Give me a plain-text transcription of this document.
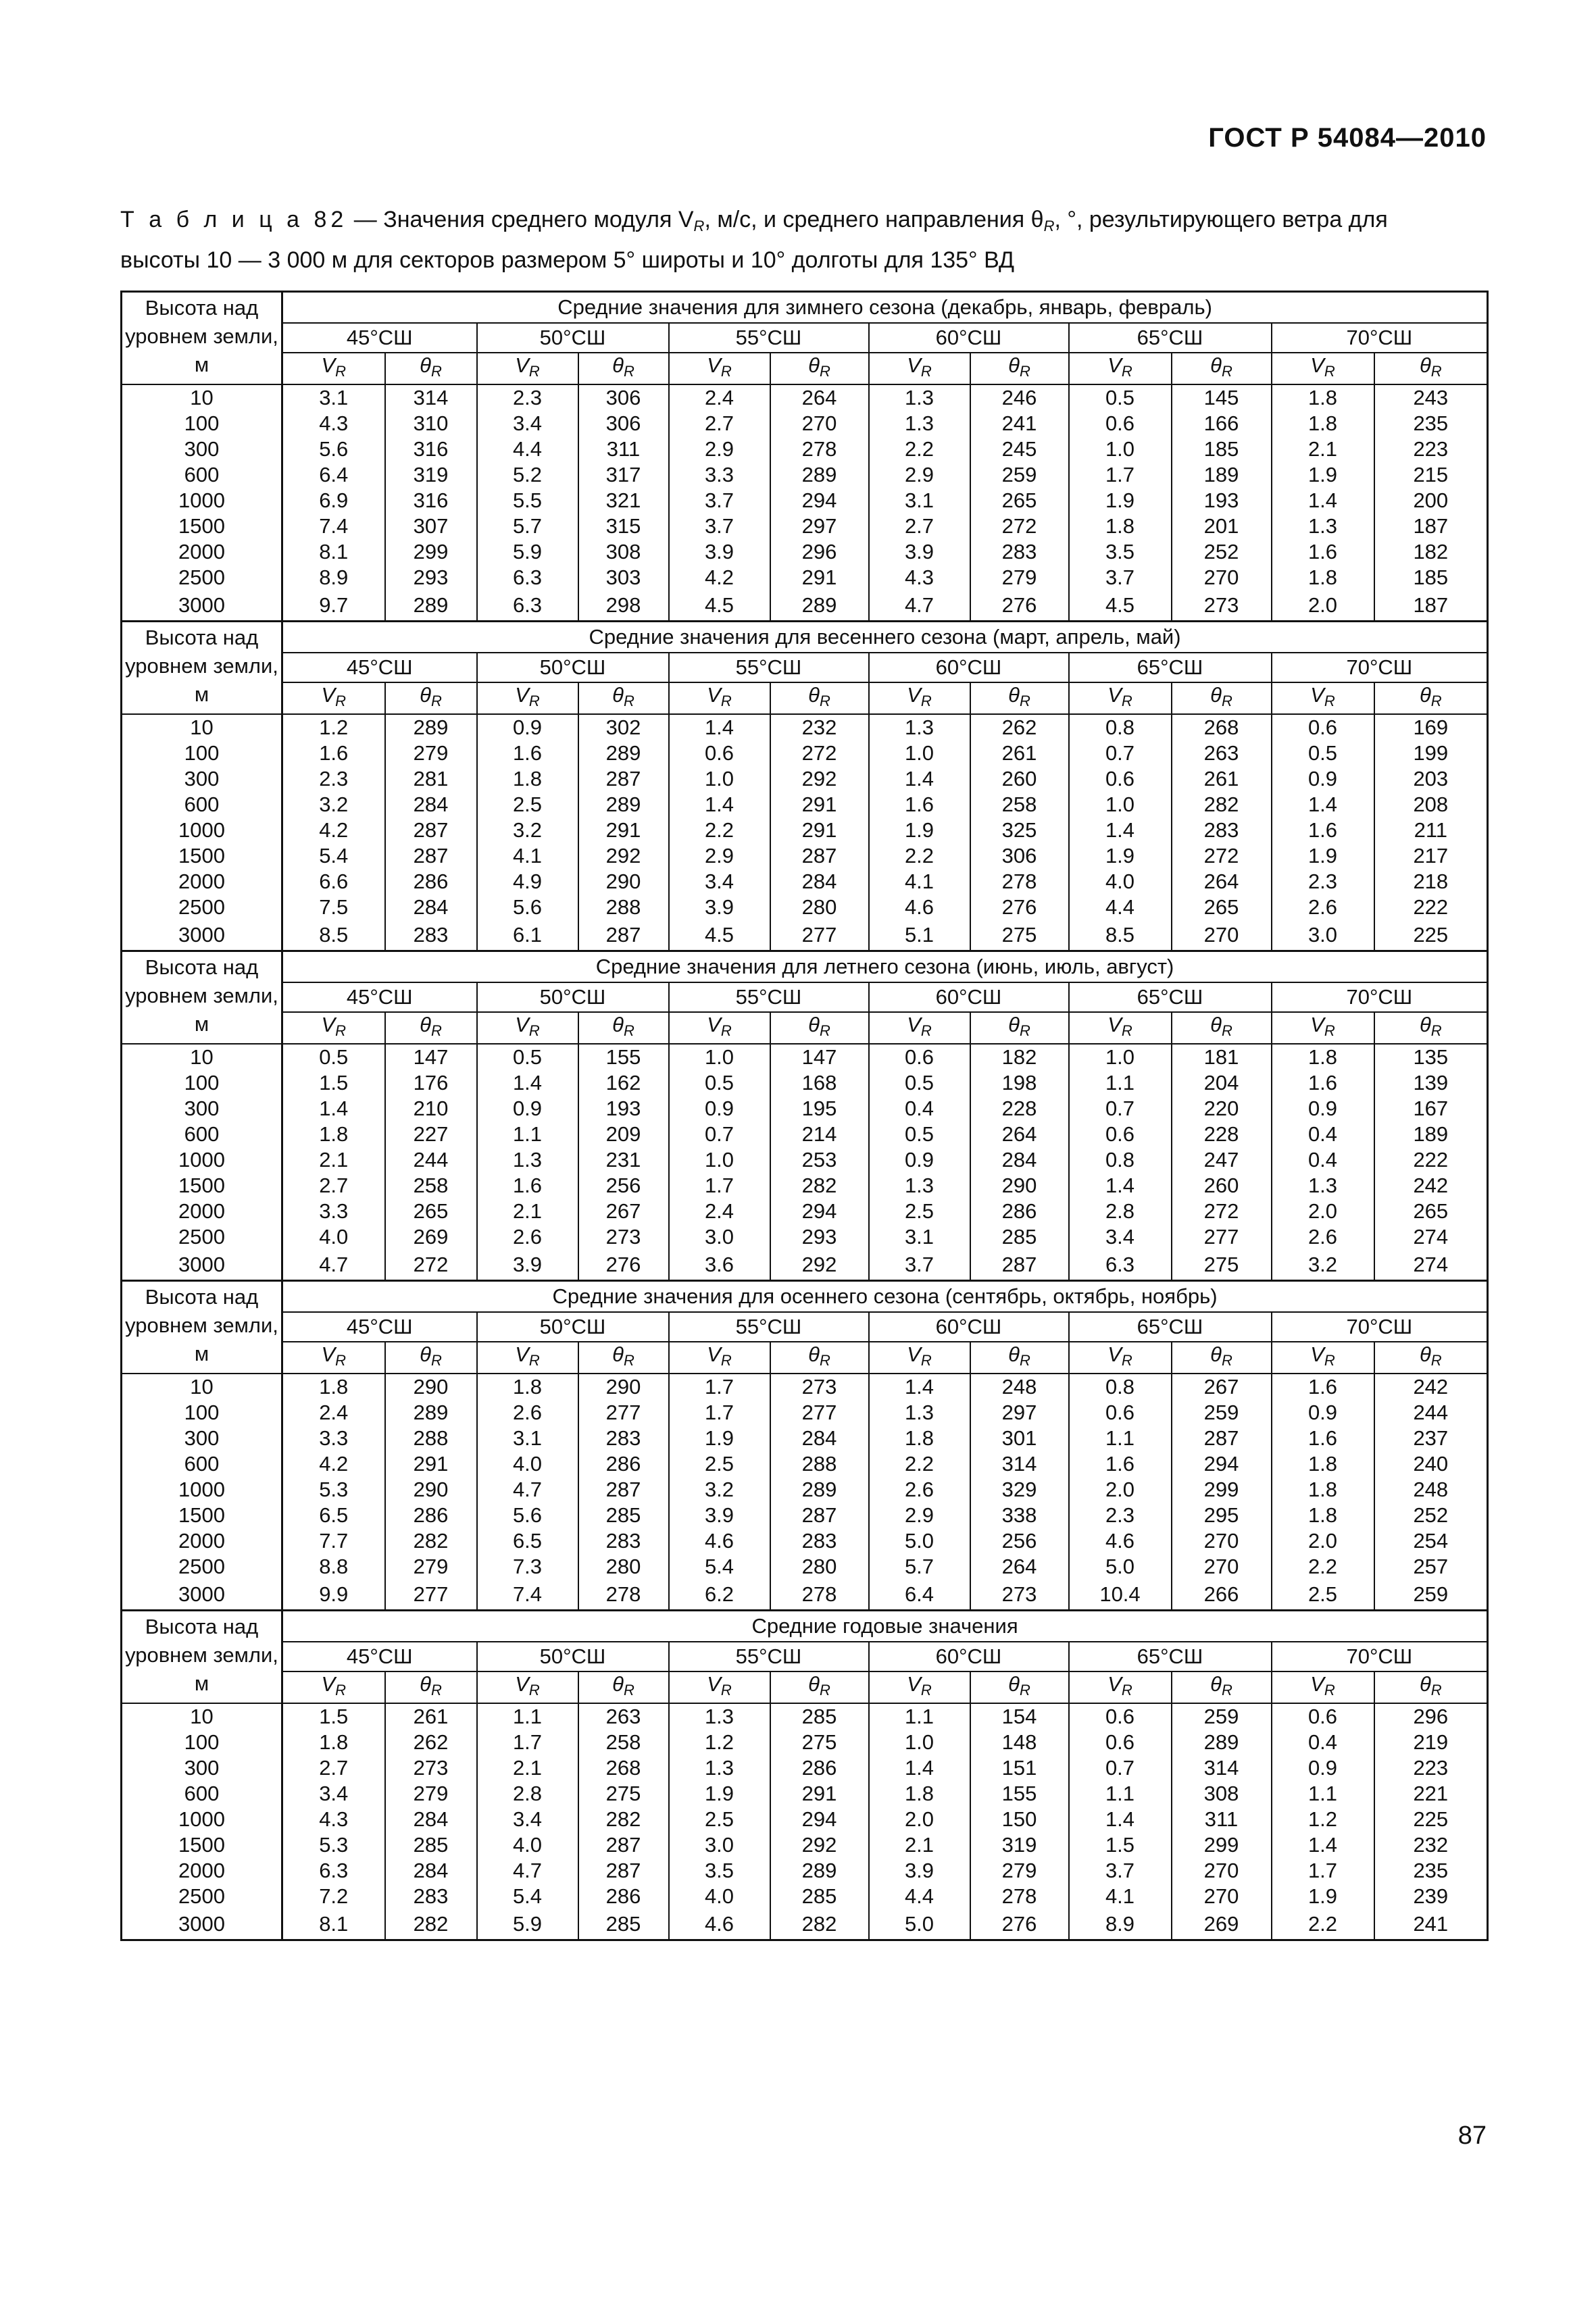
ГОСТ Р 54084—2010
Т а б л и ц а 82 — Значения среднего модуля $V_R$, м/с, и среднего направления $\theta_R$, °, результирующего ветра для
высоты 10 — 3 000 м для секторов размером 5° широты и 10° долготы для 135° ВД
Высота над уровнем земли, м	Средние значения для зимнего сезона (декабрь, январь, февраль)											
	45°СШ		50°СШ		55°СШ		60°СШ		65°СШ		70°СШ	
	$V_R$	$\theta_R$	$V_R$	$\theta_R$	$V_R$	$\theta_R$	$V_R$	$\theta_R$	$V_R$	$\theta_R$	$V_R$	$\theta_R$
10	3.1	314	2.3	306	2.4	264	1.3	246	0.5	145	1.8	243
100	4.3	310	3.4	306	2.7	270	1.3	241	0.6	166	1.8	235
300	5.6	316	4.4	311	2.9	278	2.2	245	1.0	185	2.1	223
600	6.4	319	5.2	317	3.3	289	2.9	259	1.7	189	1.9	215
1000	6.9	316	5.5	321	3.7	294	3.1	265	1.9	193	1.4	200
1500	7.4	307	5.7	315	3.7	297	2.7	272	1.8	201	1.3	187
2000	8.1	299	5.9	308	3.9	296	3.9	283	3.5	252	1.6	182
2500	8.9	293	6.3	303	4.2	291	4.3	279	3.7	270	1.8	185
3000	9.7	289	6.3	298	4.5	289	4.7	276	4.5	273	2.0	187
Высота над уровнем земли, м	Средние значения для весеннего сезона (март, апрель, май)											
	45°СШ		50°СШ		55°СШ		60°СШ		65°СШ		70°СШ	
	$V_R$	$\theta_R$	$V_R$	$\theta_R$	$V_R$	$\theta_R$	$V_R$	$\theta_R$	$V_R$	$\theta_R$	$V_R$	$\theta_R$
10	1.2	289	0.9	302	1.4	232	1.3	262	0.8	268	0.6	169
100	1.6	279	1.6	289	0.6	272	1.0	261	0.7	263	0.5	199
300	2.3	281	1.8	287	1.0	292	1.4	260	0.6	261	0.9	203
600	3.2	284	2.5	289	1.4	291	1.6	258	1.0	282	1.4	208
1000	4.2	287	3.2	291	2.2	291	1.9	325	1.4	283	1.6	211
1500	5.4	287	4.1	292	2.9	287	2.2	306	1.9	272	1.9	217
2000	6.6	286	4.9	290	3.4	284	4.1	278	4.0	264	2.3	218
2500	7.5	284	5.6	288	3.9	280	4.6	276	4.4	265	2.6	222
3000	8.5	283	6.1	287	4.5	277	5.1	275	8.5	270	3.0	225
Высота над уровнем земли, м	Средние значения для летнего сезона (июнь, июль, август)											
	45°СШ		50°СШ		55°СШ		60°СШ		65°СШ		70°СШ	
	$V_R$	$\theta_R$	$V_R$	$\theta_R$	$V_R$	$\theta_R$	$V_R$	$\theta_R$	$V_R$	$\theta_R$	$V_R$	$\theta_R$
10	0.5	147	0.5	155	1.0	147	0.6	182	1.0	181	1.8	135
100	1.5	176	1.4	162	0.5	168	0.5	198	1.1	204	1.6	139
300	1.4	210	0.9	193	0.9	195	0.4	228	0.7	220	0.9	167
600	1.8	227	1.1	209	0.7	214	0.5	264	0.6	228	0.4	189
1000	2.1	244	1.3	231	1.0	253	0.9	284	0.8	247	0.4	222
1500	2.7	258	1.6	256	1.7	282	1.3	290	1.4	260	1.3	242
2000	3.3	265	2.1	267	2.4	294	2.5	286	2.8	272	2.0	265
2500	4.0	269	2.6	273	3.0	293	3.1	285	3.4	277	2.6	274
3000	4.7	272	3.9	276	3.6	292	3.7	287	6.3	275	3.2	274
Высота над уровнем земли, м	Средние значения для осеннего сезона (сентябрь, октябрь, ноябрь)											
	45°СШ		50°СШ		55°СШ		60°СШ		65°СШ		70°СШ	
	$V_R$	$\theta_R$	$V_R$	$\theta_R$	$V_R$	$\theta_R$	$V_R$	$\theta_R$	$V_R$	$\theta_R$	$V_R$	$\theta_R$
10	1.8	290	1.8	290	1.7	273	1.4	248	0.8	267	1.6	242
100	2.4	289	2.6	277	1.7	277	1.3	297	0.6	259	0.9	244
300	3.3	288	3.1	283	1.9	284	1.8	301	1.1	287	1.6	237
600	4.2	291	4.0	286	2.5	288	2.2	314	1.6	294	1.8	240
1000	5.3	290	4.7	287	3.2	289	2.6	329	2.0	299	1.8	248
1500	6.5	286	5.6	285	3.9	287	2.9	338	2.3	295	1.8	252
2000	7.7	282	6.5	283	4.6	283	5.0	256	4.6	270	2.0	254
2500	8.8	279	7.3	280	5.4	280	5.7	264	5.0	270	2.2	257
3000	9.9	277	7.4	278	6.2	278	6.4	273	10.4	266	2.5	259
Высота над уровнем земли, м	Средние годовые значения											
	45°СШ		50°СШ		55°СШ		60°СШ		65°СШ		70°СШ	
	$V_R$	$\theta_R$	$V_R$	$\theta_R$	$V_R$	$\theta_R$	$V_R$	$\theta_R$	$V_R$	$\theta_R$	$V_R$	$\theta_R$
10	1.5	261	1.1	263	1.3	285	1.1	154	0.6	259	0.6	296
100	1.8	262	1.7	258	1.2	275	1.0	148	0.6	289	0.4	219
300	2.7	273	2.1	268	1.3	286	1.4	151	0.7	314	0.9	223
600	3.4	279	2.8	275	1.9	291	1.8	155	1.1	308	1.1	221
1000	4.3	284	3.4	282	2.5	294	2.0	150	1.4	311	1.2	225
1500	5.3	285	4.0	287	3.0	292	2.1	319	1.5	299	1.4	232
2000	6.3	284	4.7	287	3.5	289	3.9	279	3.7	270	1.7	235
2500	7.2	283	5.4	286	4.0	285	4.4	278	4.1	270	1.9	239
3000	8.1	282	5.9	285	4.6	282	5.0	276	8.9	269	2.2	241
87
